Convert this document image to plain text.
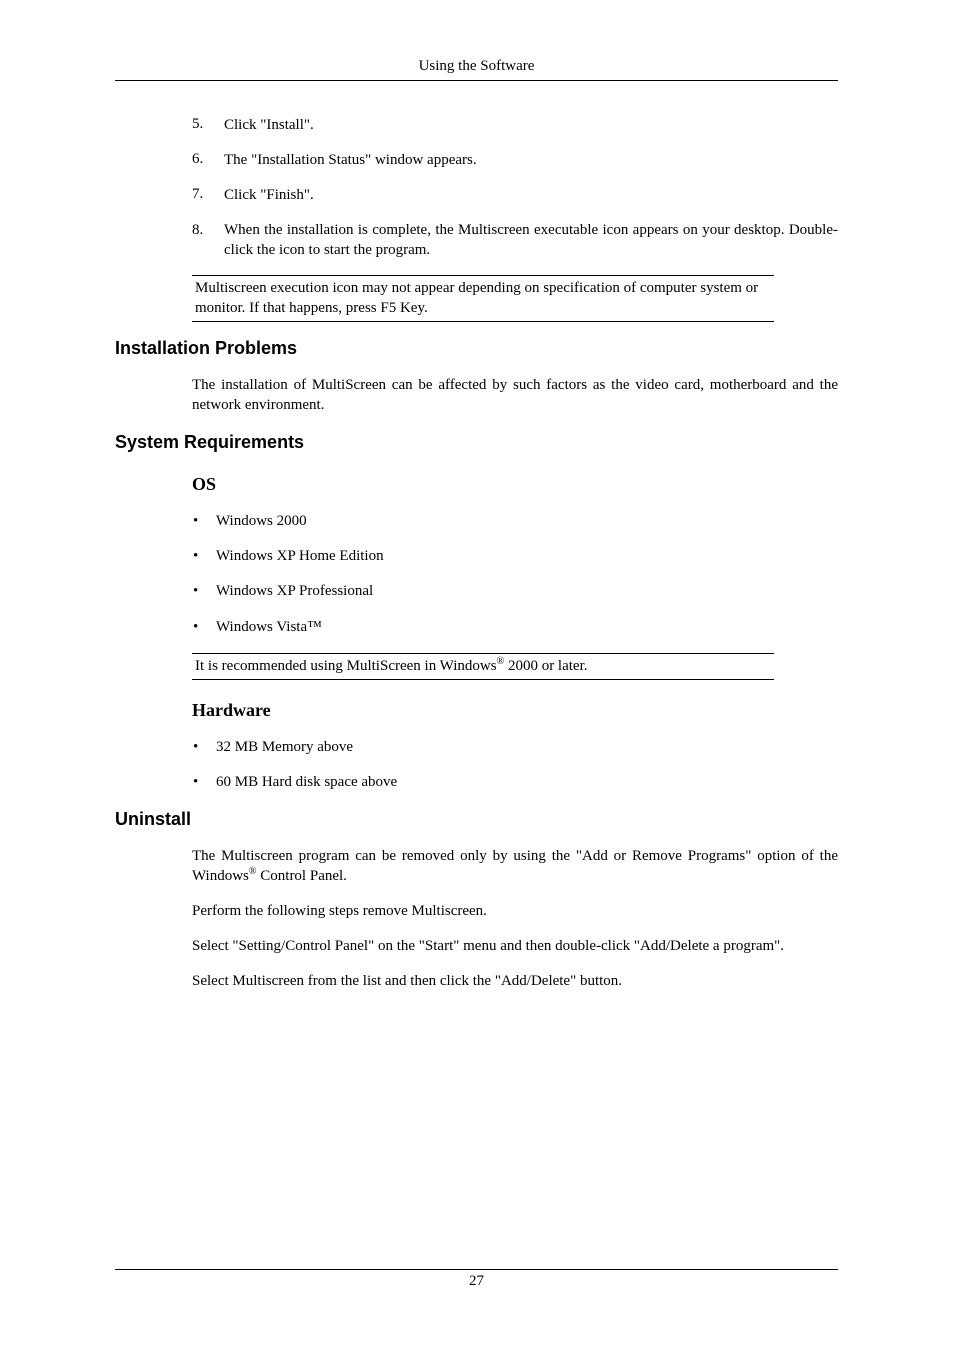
Using the Software
5. Click "Install".
6. The "Installation Status" window appears.
7. Click "Finish".
8. When the installation is complete, the Multiscreen executable icon appears on your desktop. Double-click the icon to start the program.
Multiscreen execution icon may not appear depending on specification of computer system or monitor. If that happens, press F5 Key.
Installation Problems
The installation of MultiScreen can be affected by such factors as the video card, motherboard and the network environment.
System Requirements
OS
• Windows 2000
• Windows XP Home Edition
• Windows XP Professional
• Windows Vista™
It is recommended using MultiScreen in Windows® 2000 or later.
Hardware
• 32 MB Memory above
• 60 MB Hard disk space above
Uninstall
The Multiscreen program can be removed only by using the "Add or Remove Programs" option of the Windows® Control Panel.
Perform the following steps remove Multiscreen.
Select "Setting/Control Panel" on the "Start" menu and then double-click "Add/Delete a program".
Select Multiscreen from the list and then click the "Add/Delete" button.
27
